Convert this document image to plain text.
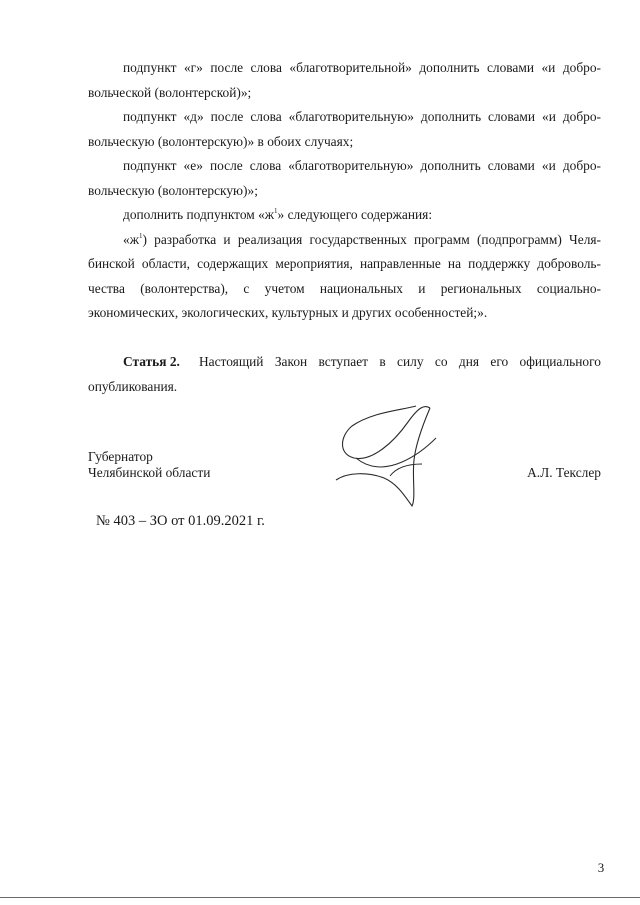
подпункт «г» после слова «благотворительной» дополнить словами «и добро-
вольческой (волонтерской)»;
подпункт «д» после слова «благотворительную» дополнить словами «и добро-
вольческую (волонтерскую)» в обоих случаях;
подпункт «е» после слова «благотворительную» дополнить словами «и добро-
вольческую (волонтерскую)»;
дополнить подпунктом «$ж^1$» следующего содержания:
«$ж^1$) разработка и реализация государственных программ (подпрограмм) Челя-
бинской области, содержащих мероприятия, направленные на поддержку доброволь-
чества (волонтерства), с учетом национальных и региональных социально-
экономических, экологических, культурных и других особенностей;».
Статья 2. Настоящий Закон вступает в силу со дня его официального
опубликования.
Губернатор
Челябинской области	А.Л. Текслер
№ 403 – ЗО от 01.09.2021 г.
3
